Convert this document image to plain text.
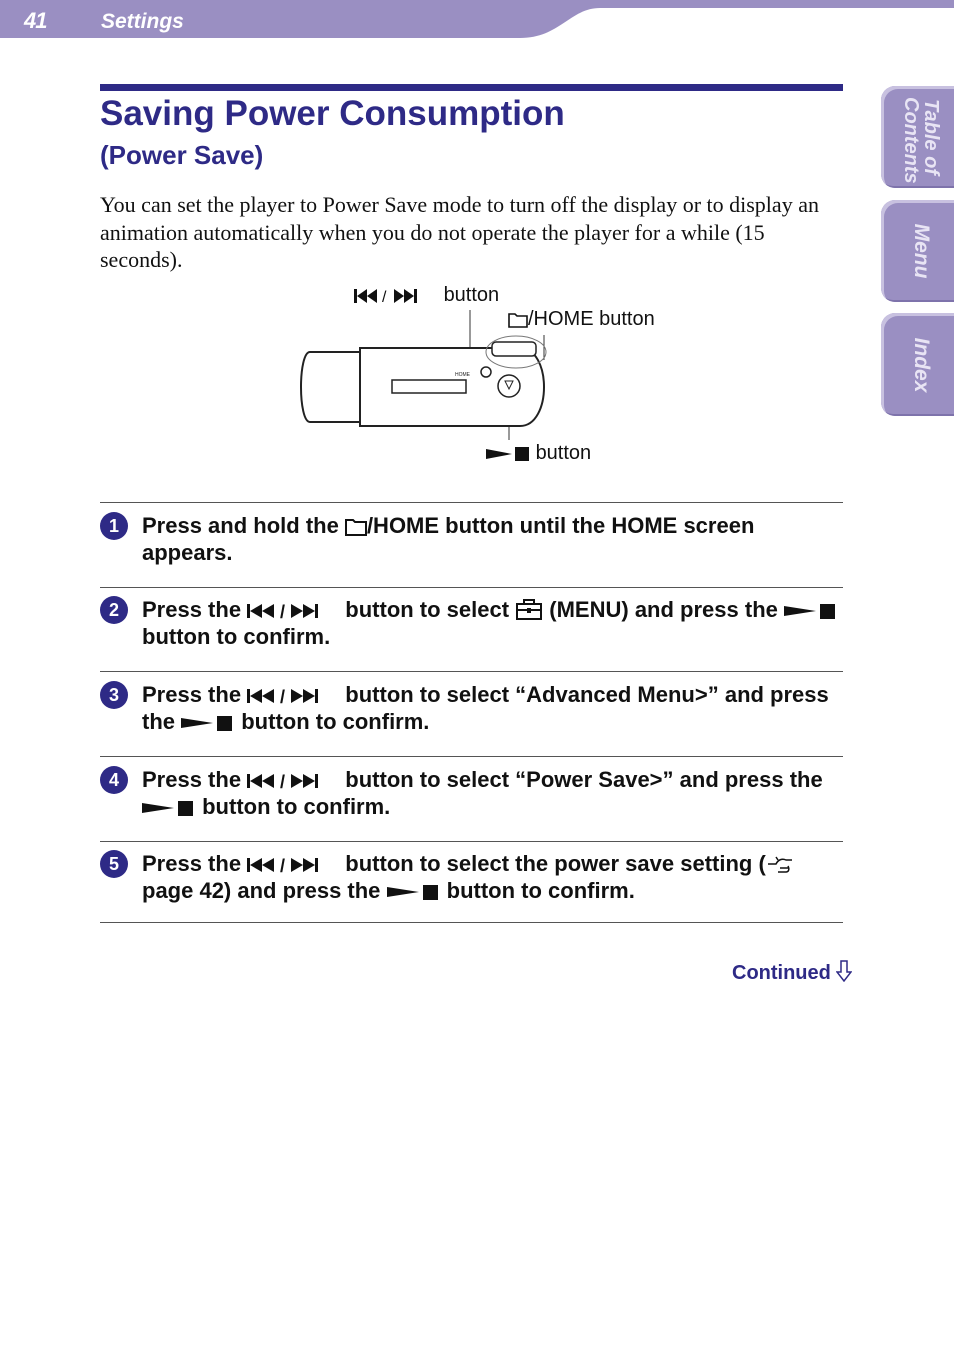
41	Settings
Table of Contents
Menu
Index
Saving Power Consumption
(Power Save)

You can set the player to Power Save mode to turn off the display or to display an animation automatically when you do not operate the player for a while (15 seconds).

HOME
/	button
/HOME button
button
1	Press and hold the /HOME button until the HOME screen appears.

2	Press the / button to select  (MENU) and press the  button to confirm.

3	Press the / button to select “Advanced Menu>” and press the  button to confirm.

4	Press the / button to select “Power Save>” and press the  button to confirm.

5	Press the / button to select the power save setting ( page 42) and press the  button to confirm.

Continued
